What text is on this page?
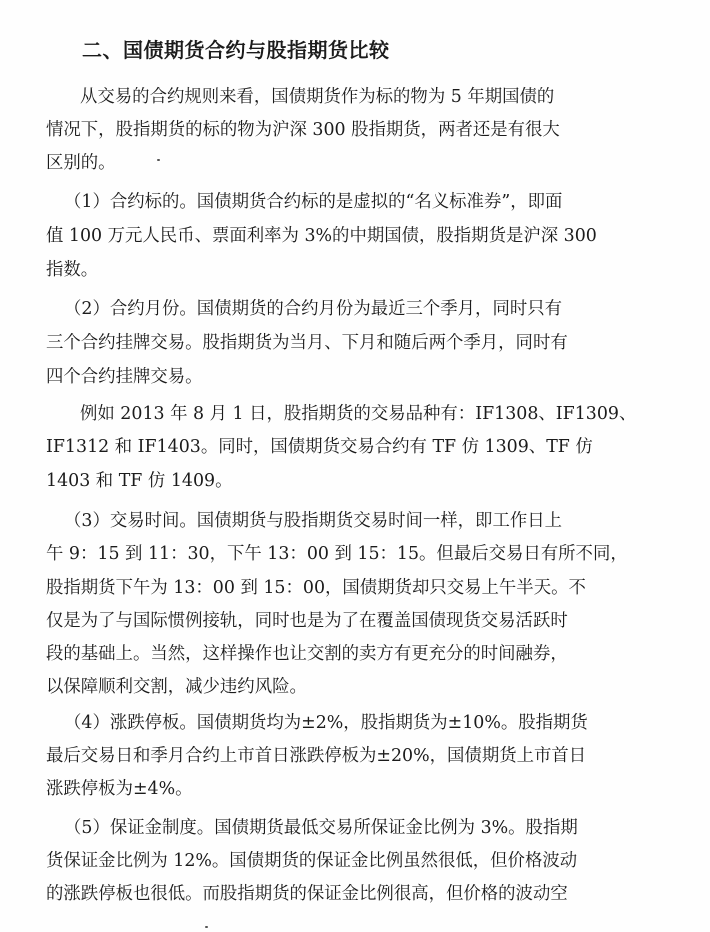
二、国债期货合约与股指期货比较
从交易的合约规则来看，国债期货作为标的物为 5 年期国债的
情况下，股指期货的标的物为沪深 300 股指期货，两者还是有很大
区别的。
（1）合约标的。国债期货合约标的是虚拟的“名义标准券”，即面
值 100 万元人民币、票面利率为 3%的中期国债，股指期货是沪深 300
指数。
（2）合约月份。国债期货的合约月份为最近三个季月，同时只有
三个合约挂牌交易。股指期货为当月、下月和随后两个季月，同时有
四个合约挂牌交易。
例如 2013 年 8 月 1 日，股指期货的交易品种有：IF1308、IF1309、
IF1312 和 IF1403。同时，国债期货交易合约有 TF 仿 1309、TF 仿
1403 和 TF 仿 1409。
（3）交易时间。国债期货与股指期货交易时间一样，即工作日上
午 9：15 到 11：30，下午 13：00 到 15：15。但最后交易日有所不同，
股指期货下午为 13：00 到 15：00，国债期货却只交易上午半天。不
仅是为了与国际惯例接轨，同时也是为了在覆盖国债现货交易活跃时
段的基础上。当然，这样操作也让交割的卖方有更充分的时间融券，
以保障顺利交割，减少违约风险。
（4）涨跌停板。国债期货均为±2%，股指期货为±10%。股指期货
最后交易日和季月合约上市首日涨跌停板为±20%，国债期货上市首日
涨跌停板为±4%。
（5）保证金制度。国债期货最低交易所保证金比例为 3%。股指期
货保证金比例为 12%。国债期货的保证金比例虽然很低，但价格波动
的涨跌停板也很低。而股指期货的保证金比例很高，但价格的波动空
